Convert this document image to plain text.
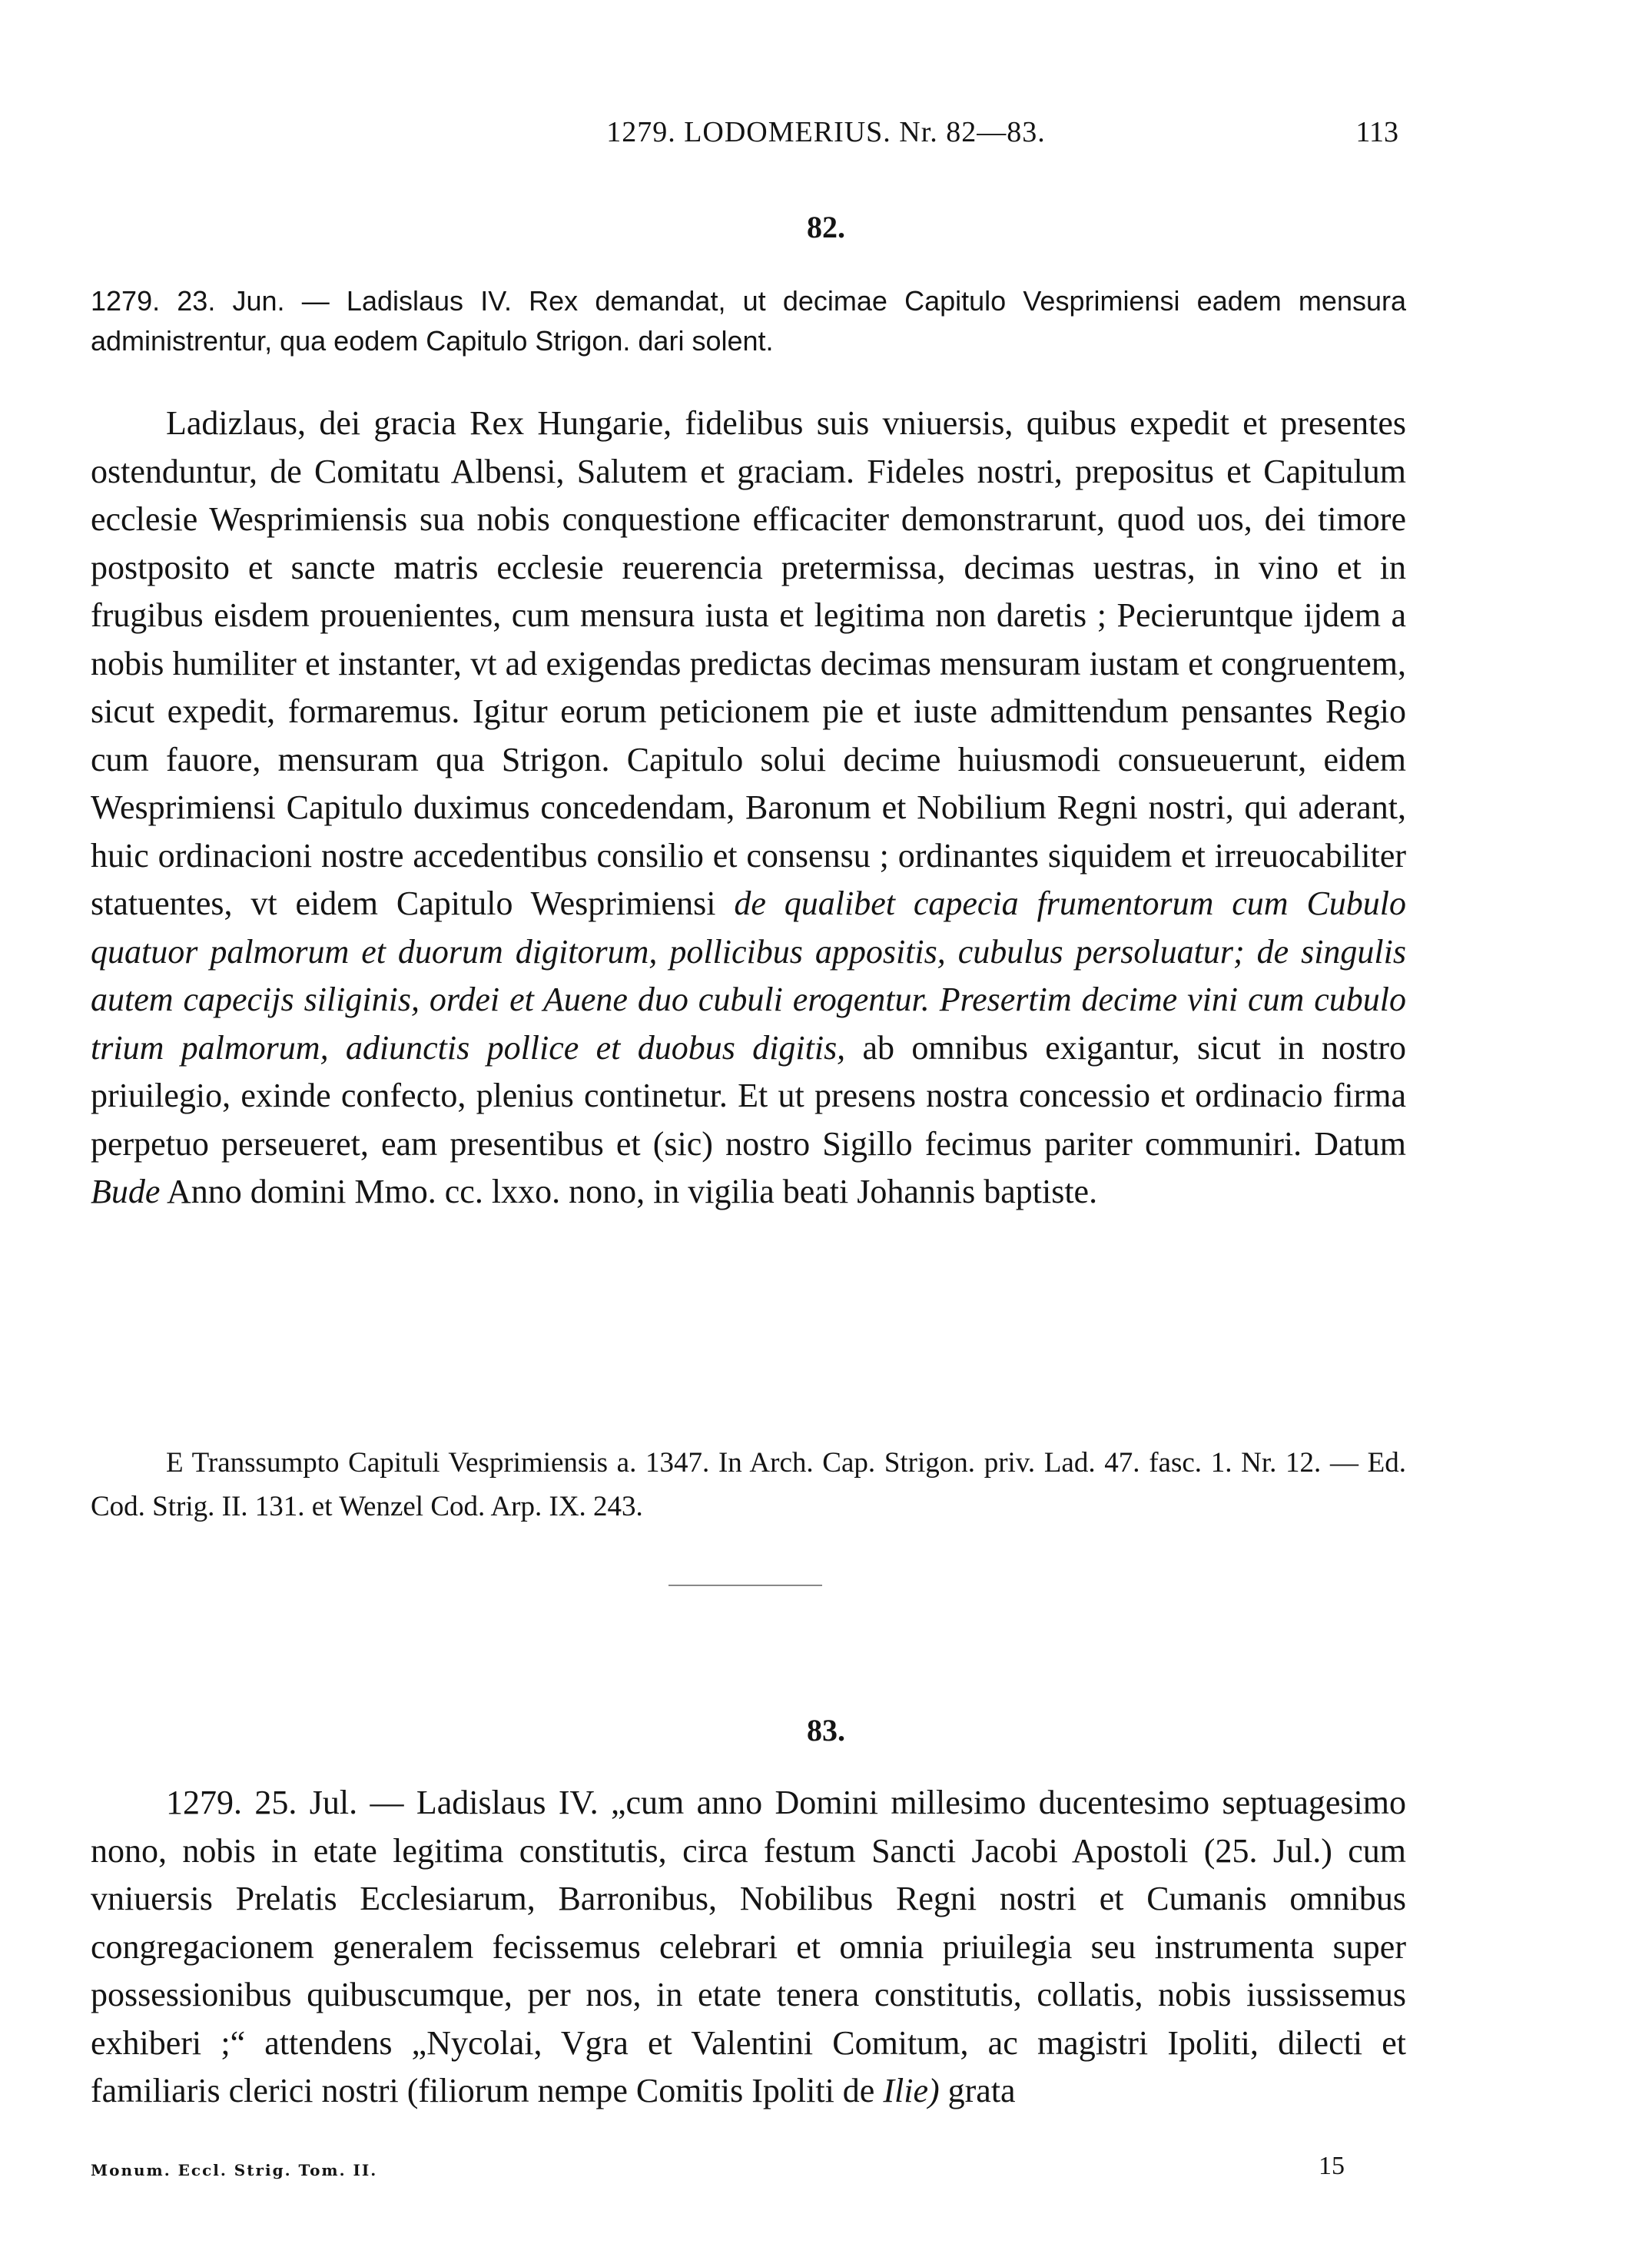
1279. LODOMERIUS. Nr. 82—83.	113
82.
1279. 23. Jun. — Ladislaus IV. Rex demandat, ut decimae Capitulo Vesprimiensi eadem mensura administrentur, qua eodem Capitulo Strigon. dari solent.

Ladizlaus, dei gracia Rex Hungarie, fidelibus suis vniuersis, quibus expedit et presentes ostenduntur, de Comitatu Albensi, Salutem et graciam. Fideles nostri, prepositus et Capitulum ecclesie Wesprimiensis sua nobis conquestione efficaciter demonstrarunt, quod uos, dei timore postposito et sancte matris ecclesie reuerencia pretermissa, decimas uestras, in vino et in frugibus eisdem prouenientes, cum mensura iusta et legitima non daretis ; Pecieruntque ijdem a nobis humiliter et instanter, vt ad exigendas predictas decimas mensuram iustam et congruentem, sicut expedit, formaremus. Igitur eorum peticionem pie et iuste admittendum pensantes Regio cum fauore, mensuram qua Strigon. Capitulo solui decime huiusmodi consueuerunt, eidem Wesprimiensi Capitulo duximus concedendam, Baronum et Nobilium Regni nostri, qui aderant, huic ordinacioni nostre accedentibus consilio et consensu ; ordinantes siquidem et irreuocabiliter statuentes, vt eidem Capitulo Wesprimiensi de qualibet capecia frumentorum cum Cubulo quatuor palmorum et duorum digitorum, pollicibus appositis, cubulus persoluatur; de singulis autem capecijs siliginis, ordei et Auene duo cubuli erogentur. Presertim decime vini cum cubulo trium palmorum, adiunctis pollice et duobus digitis, ab omnibus exigantur, sicut in nostro priuilegio, exinde confecto, plenius continetur. Et ut presens nostra concessio et ordinacio firma perpetuo perseueret, eam presentibus et (sic) nostro Sigillo fecimus pariter communiri. Datum Bude Anno domini Mmo. cc. lxxo. nono, in vigilia beati Johannis baptiste.

E Transsumpto Capituli Vesprimiensis a. 1347. In Arch. Cap. Strigon. priv. Lad. 47. fasc. 1. Nr. 12. — Ed. Cod. Strig. II. 131. et Wenzel Cod. Arp. IX. 243.

83.

1279. 25. Jul. — Ladislaus IV. „cum anno Domini millesimo ducentesimo septuagesimo nono, nobis in etate legitima constitutis, circa festum Sancti Jacobi Apostoli (25. Jul.) cum vniuersis Prelatis Ecclesiarum, Barronibus, Nobilibus Regni nostri et Cumanis omnibus congregacionem generalem fecissemus celebrari et omnia priuilegia seu instrumenta super possessionibus quibuscumque, per nos, in etate tenera constitutis, collatis, nobis iussissemus exhiberi ;“ attendens „Nycolai, Vgra et Valentini Comitum, ac magistri Ipoliti, dilecti et familiaris clerici nostri (filiorum nempe Comitis Ipoliti de Ilie) grata

Monum. Eccl. Strig. Tom. II.	15
